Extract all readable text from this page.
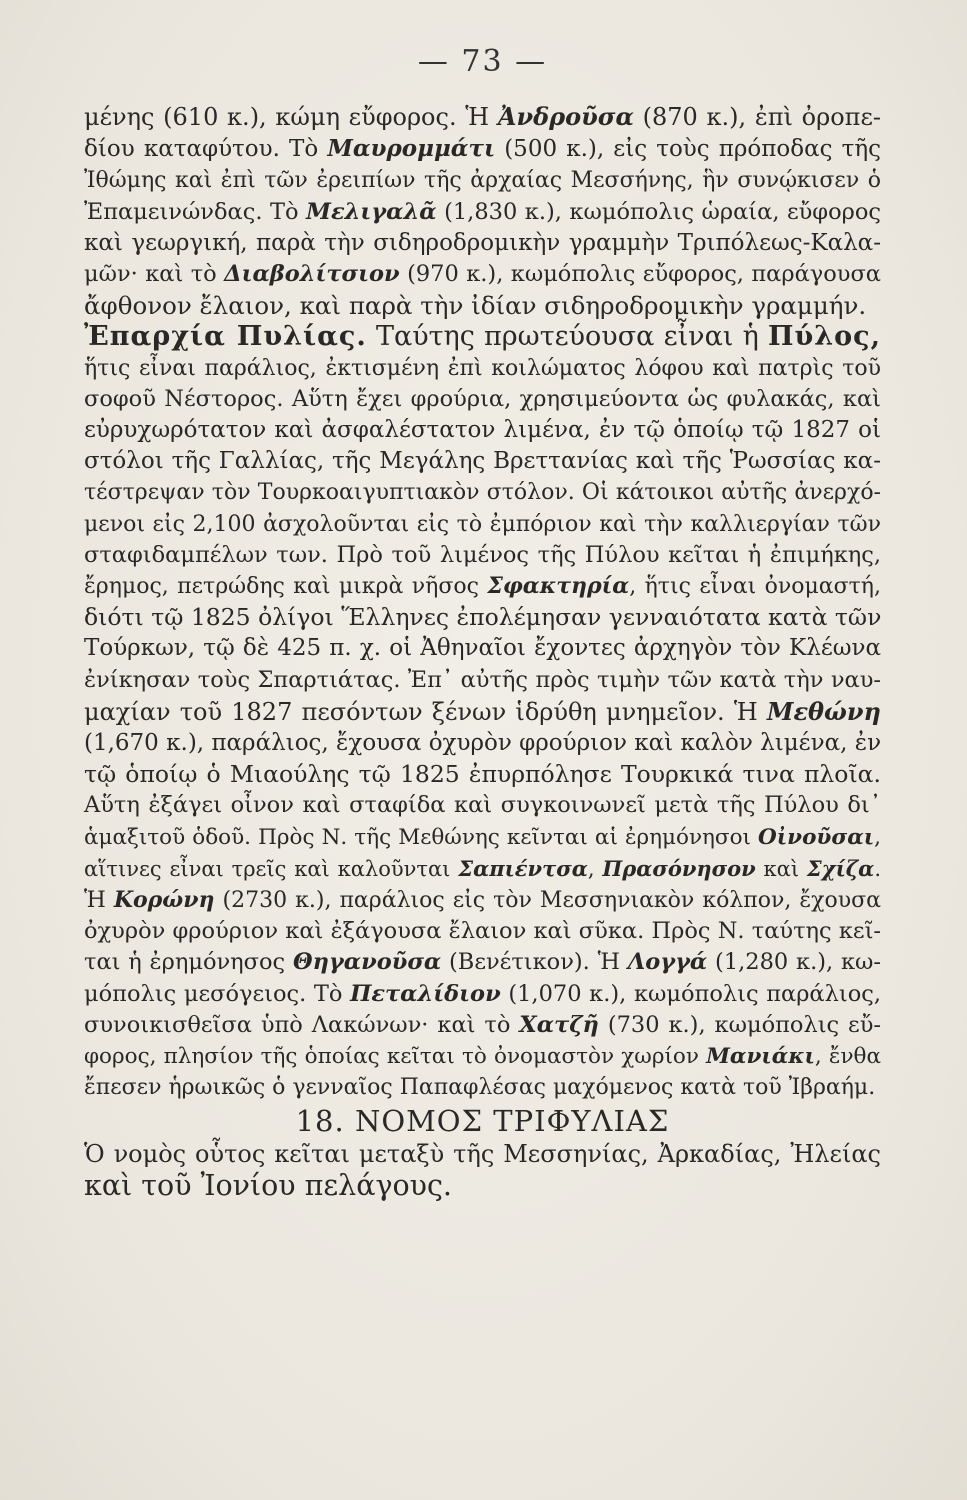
— 73 —
μένης (610 κ.), κώμη εὔφορος. Ἡ Ἀνδροῦσα (870 κ.), ἐπὶ ὀροπε-
δίου καταφύτου. Τὸ Μαυρομμάτι (500 κ.), εἰς τοὺς πρόποδας τῆς
Ἰθώμης καὶ ἐπὶ τῶν ἐρειπίων τῆς ἀρχαίας Μεσσήνης, ἣν συνῴκισεν ὁ
Ἐπαμεινώνδας. Τὸ Μελιγαλᾶ (1,830 κ.), κωμόπολις ὡραία, εὔφορος
καὶ γεωργική, παρὰ τὴν σιδηροδρομικὴν γραμμὴν Τριπόλεως-Καλα-
μῶν· καὶ τὸ Διαβολίτσιον (970 κ.), κωμόπολις εὔφορος, παράγουσα
ἄφθονον ἔλαιον, καὶ παρὰ τὴν ἰδίαν σιδηροδρομικὴν γραμμήν.
Ἐπαρχία Πυλίας. Ταύτης πρωτεύουσα εἶναι ἡ Πύλος,
ἥτις εἶναι παράλιος, ἐκτισμένη ἐπὶ κοιλώματος λόφου καὶ πατρὶς τοῦ
σοφοῦ Νέστορος. Αὕτη ἔχει φρούρια, χρησιμεύοντα ὡς φυλακάς, καὶ
εὐρυχωρότατον καὶ ἀσφαλέστατον λιμένα, ἐν τῷ ὁποίῳ τῷ 1827 οἱ
στόλοι τῆς Γαλλίας, τῆς Μεγάλης Βρεττανίας καὶ τῆς Ῥωσσίας κα-
τέστρεψαν τὸν Τουρκοαιγυπτιακὸν στόλον. Οἱ κάτοικοι αὐτῆς ἀνερχό-
μενοι εἰς 2,100 ἀσχολοῦνται εἰς τὸ ἐμπόριον καὶ τὴν καλλιεργίαν τῶν
σταφιδαμπέλων των. Πρὸ τοῦ λιμένος τῆς Πύλου κεῖται ἡ ἐπιμήκης,
ἔρημος, πετρώδης καὶ μικρὰ νῆσος Σφακτηρία, ἥτις εἶναι ὀνομαστή,
διότι τῷ 1825 ὀλίγοι Ἕλληνες ἐπολέμησαν γενναιότατα κατὰ τῶν
Τούρκων, τῷ δὲ 425 π. χ. οἱ Ἀθηναῖοι ἔχοντες ἀρχηγὸν τὸν Κλέωνα
ἐνίκησαν τοὺς Σπαρτιάτας. Ἐπ᾽ αὐτῆς πρὸς τιμὴν τῶν κατὰ τὴν ναυ-
μαχίαν τοῦ 1827 πεσόντων ξένων ἱδρύθη μνημεῖον. Ἡ Μεθώνη
(1,670 κ.), παράλιος, ἔχουσα ὀχυρὸν φρούριον καὶ καλὸν λιμένα, ἐν
τῷ ὁποίῳ ὁ Μιαούλης τῷ 1825 ἐπυρπόλησε Τουρκικά τινα πλοῖα.
Αὕτη ἐξάγει οἶνον καὶ σταφίδα καὶ συγκοινωνεῖ μετὰ τῆς Πύλου δι᾽
ἁμαξιτοῦ ὁδοῦ. Πρὸς Ν. τῆς Μεθώνης κεῖνται αἱ ἐρημόνησοι Οἰνοῦσαι,
αἵτινες εἶναι τρεῖς καὶ καλοῦνται Σαπιέντσα, Πρασόνησον καὶ Σχίζα.
Ἡ Κορώνη (2730 κ.), παράλιος εἰς τὸν Μεσσηνιακὸν κόλπον, ἔχουσα
ὀχυρὸν φρούριον καὶ ἐξάγουσα ἔλαιον καὶ σῦκα. Πρὸς Ν. ταύτης κεῖ-
ται ἡ ἐρημόνησος Θηγανοῦσα (Βενέτικον). Ἡ Λογγά (1,280 κ.), κω-
μόπολις μεσόγειος. Τὸ Πεταλίδιον (1,070 κ.), κωμόπολις παράλιος,
συνοικισθεῖσα ὑπὸ Λακώνων· καὶ τὸ Χατζῆ (730 κ.), κωμόπολις εὔ-
φορος, πλησίον τῆς ὁποίας κεῖται τὸ ὀνομαστὸν χωρίον Μανιάκι, ἔνθα
ἔπεσεν ἡρωικῶς ὁ γενναῖος Παπαφλέσας μαχόμενος κατὰ τοῦ Ἰβραήμ.
18. ΝΟΜΟΣ ΤΡΙΦΥΛΙΑΣ
Ὁ νομὸς οὗτος κεῖται μεταξὺ τῆς Μεσσηνίας, Ἀρκαδίας, Ἠλείας
καὶ τοῦ Ἰονίου πελάγους.
